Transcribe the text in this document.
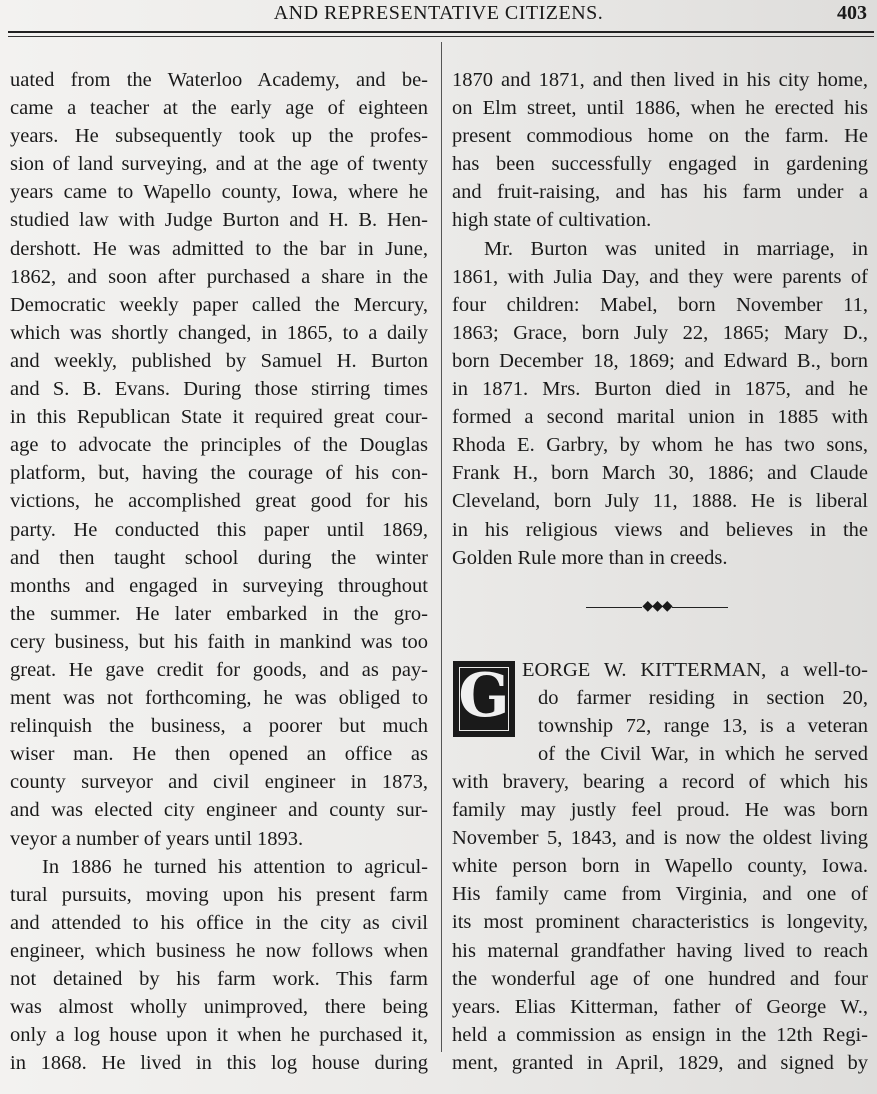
AND REPRESENTATIVE CITIZENS.	403

uated from the Waterloo Academy, and be-

came a teacher at the early age of eighteen

years. He subsequently took up the profes-

sion of land surveying, and at the age of twenty

years came to Wapello county, Iowa, where he

studied law with Judge Burton and H. B. Hen-

dershott. He was admitted to the bar in June,

1862, and soon after purchased a share in the

Democratic weekly paper called the Mercury,

which was shortly changed, in 1865, to a daily

and weekly, published by Samuel H. Burton

and S. B. Evans. During those stirring times

in this Republican State it required great cour-

age to advocate the principles of the Douglas

platform, but, having the courage of his con-

victions, he accomplished great good for his

party. He conducted this paper until 1869,

and then taught school during the winter

months and engaged in surveying throughout

the summer. He later embarked in the gro-

cery business, but his faith in mankind was too

great. He gave credit for goods, and as pay-

ment was not forthcoming, he was obliged to

relinquish the business, a poorer but much

wiser man. He then opened an office as

county surveyor and civil engineer in 1873,

and was elected city engineer and county sur-

veyor a number of years until 1893.

In 1886 he turned his attention to agricul-

tural pursuits, moving upon his present farm

and attended to his office in the city as civil

engineer, which business he now follows when

not detained by his farm work. This farm

was almost wholly unimproved, there being

only a log house upon it when he purchased it,

in 1868. He lived in this log house during

1870 and 1871, and then lived in his city home,

on Elm street, until 1886, when he erected his

present commodious home on the farm. He

has been successfully engaged in gardening

and fruit-raising, and has his farm under a

high state of cultivation.

Mr. Burton was united in marriage, in

1861, with Julia Day, and they were parents of

four children: Mabel, born November 11,

1863; Grace, born July 22, 1865; Mary D.,

born December 18, 1869; and Edward B., born

in 1871. Mrs. Burton died in 1875, and he

formed a second marital union in 1885 with

Rhoda E. Garbry, by whom he has two sons,

Frank H., born March 30, 1886; and Claude

Cleveland, born July 11, 1888. He is liberal

in his religious views and believes in the

Golden Rule more than in creeds.

◆◆◆
G EORGE W. KITTERMAN, a well-to-

do farmer residing in section 20,

township 72, range 13, is a veteran

of the Civil War, in which he served

with bravery, bearing a record of which his

family may justly feel proud. He was born

November 5, 1843, and is now the oldest living

white person born in Wapello county, Iowa.

His family came from Virginia, and one of

its most prominent characteristics is longevity,

his maternal grandfather having lived to reach

the wonderful age of one hundred and four

years. Elias Kitterman, father of George W.,

held a commission as ensign in the 12th Regi-

ment, granted in April, 1829, and signed by
